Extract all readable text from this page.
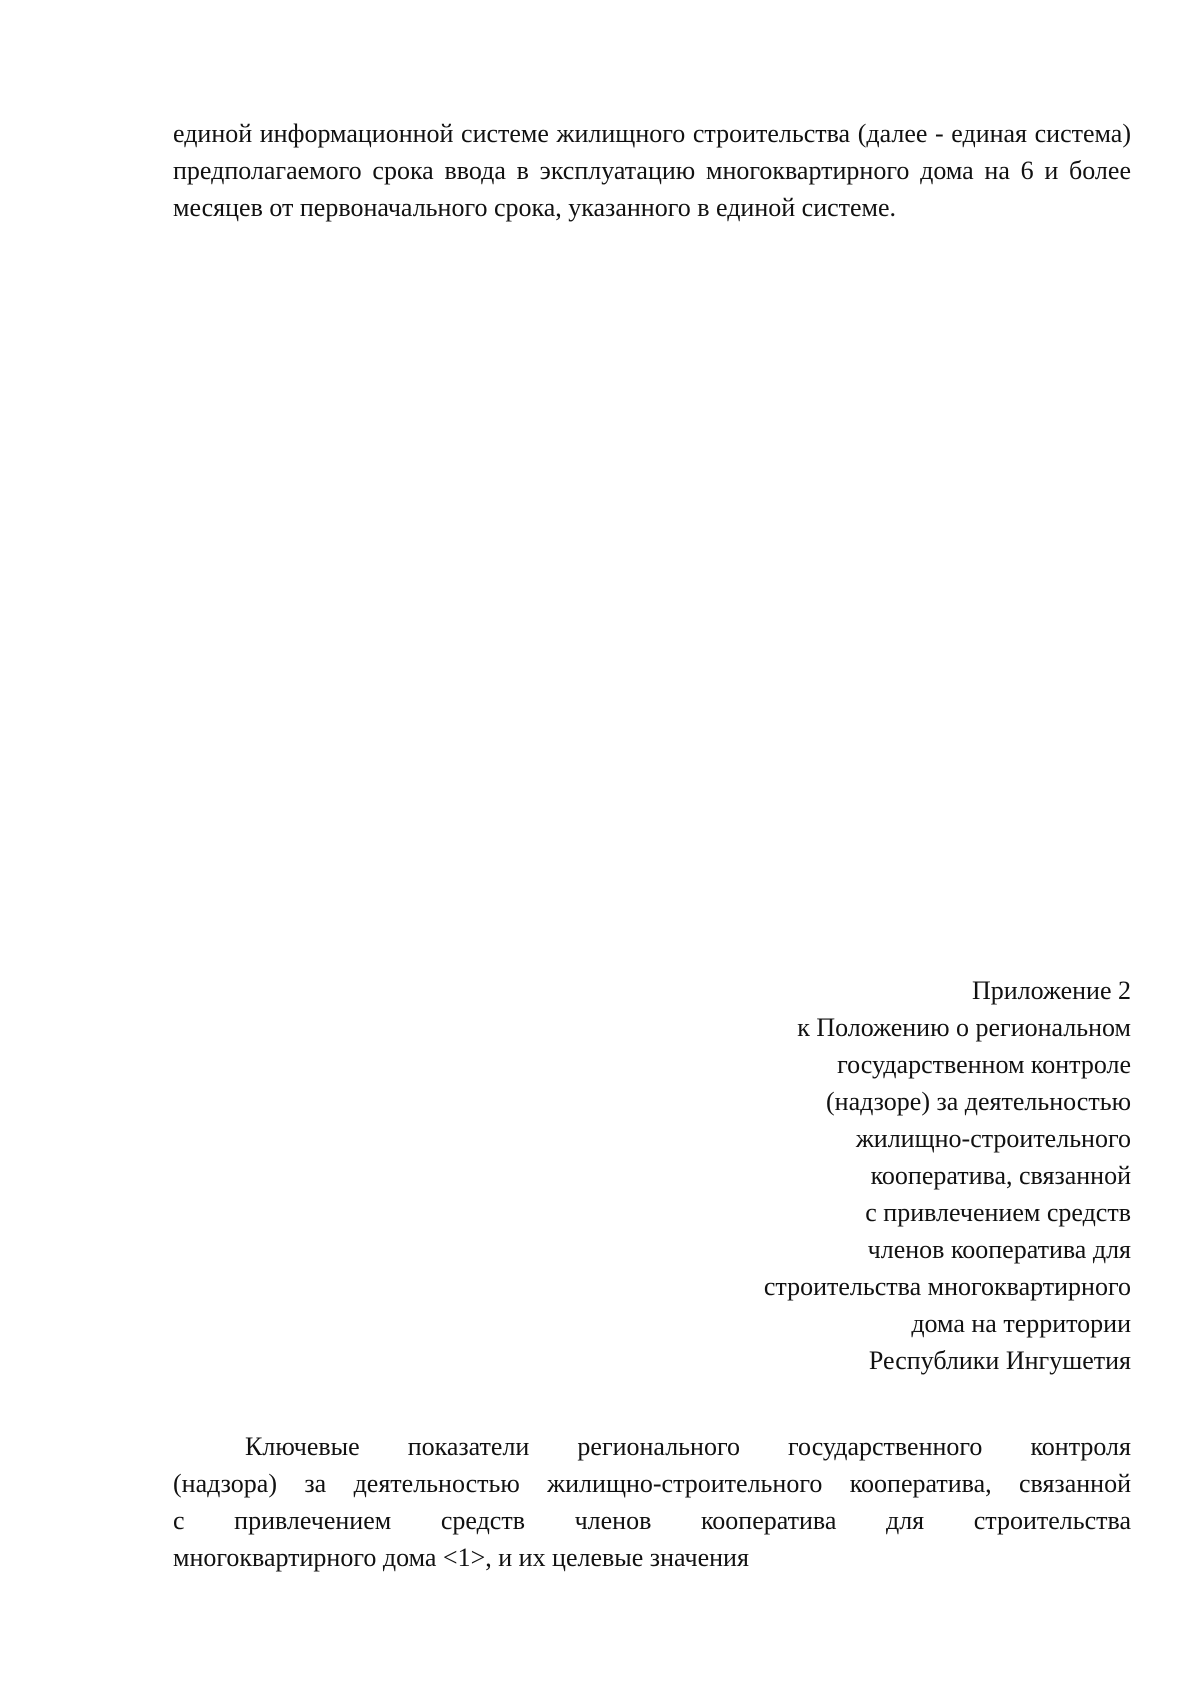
единой информационной системе жилищного строительства (далее - единая система) предполагаемого срока ввода в эксплуатацию многоквартирного дома на 6 и более месяцев от первоначального срока, указанного в единой системе.

Приложение 2
к Положению о региональном
государственном контроле
(надзоре) за деятельностью
жилищно-строительного
кооператива, связанной
с привлечением средств
членов кооператива для
строительства многоквартирного
дома на территории
Республики Ингушетия
Ключевые показатели регионального государственного контроля
(надзора) за деятельностью жилищно-строительного кооператива, связанной
с привлечением средств членов кооператива для строительства
многоквартирного дома <1>, и их целевые значения
